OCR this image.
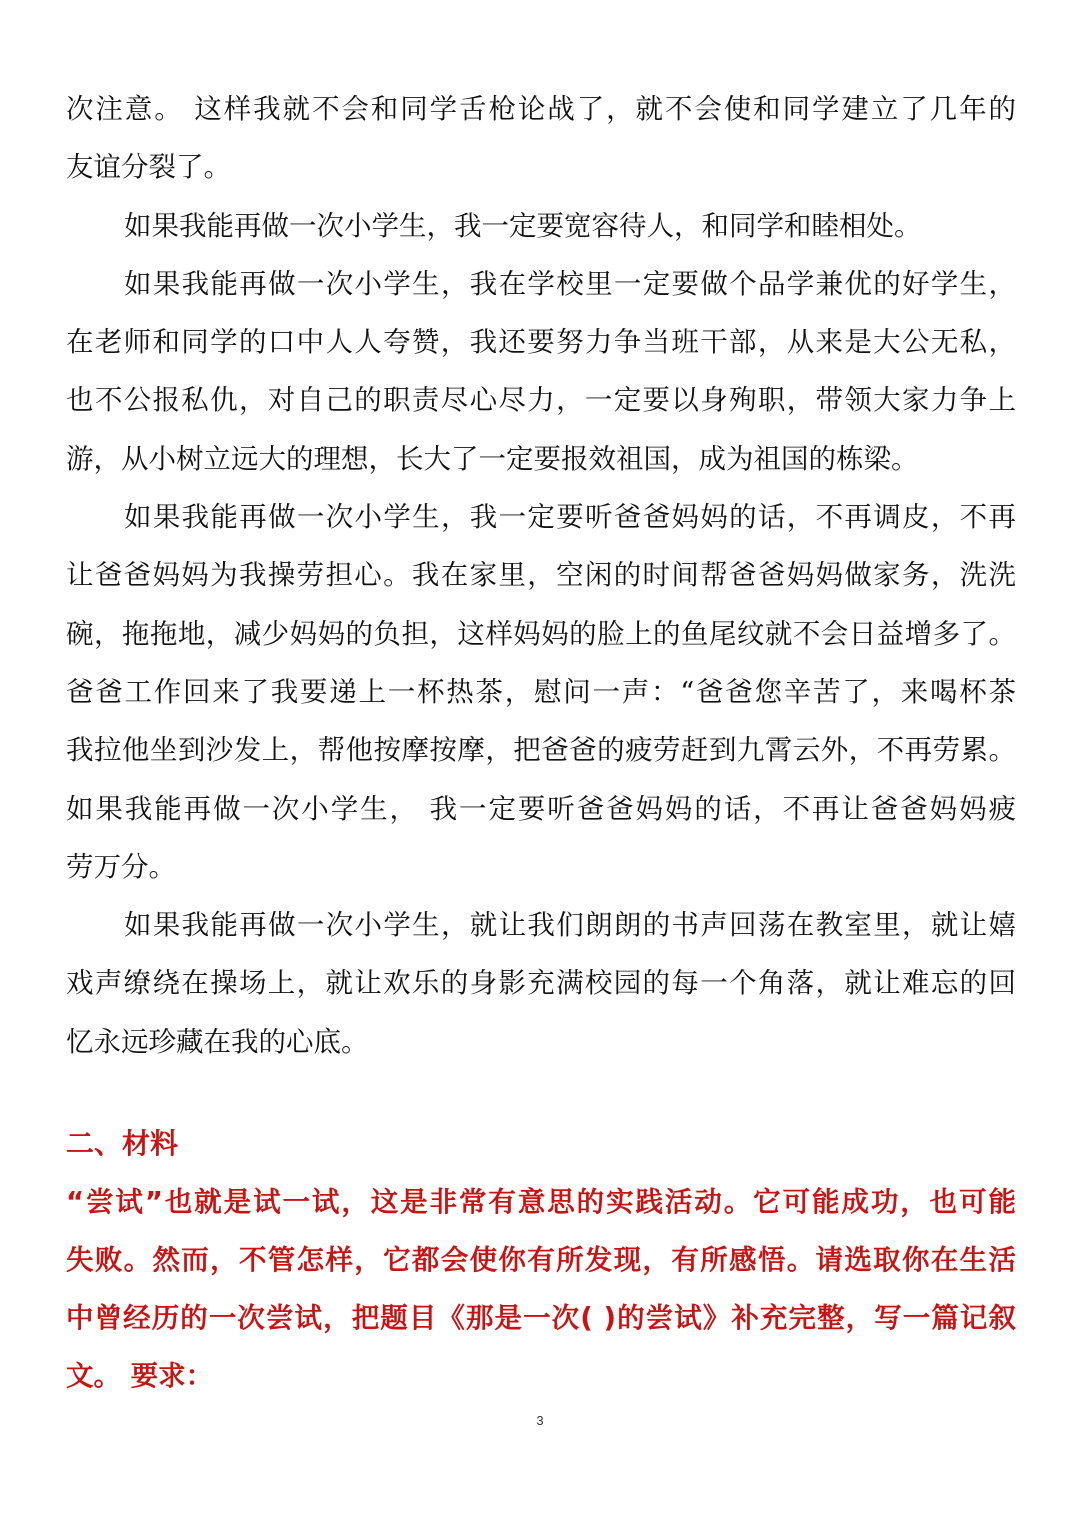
次注意。 这样我就不会和同学舌枪论战了，就不会使和同学建立了几年的
友谊分裂了。
如果我能再做一次小学生，我一定要宽容待人，和同学和睦相处。
如果我能再做一次小学生，我在学校里一定要做个品学兼优的好学生，
在老师和同学的口中人人夸赞，我还要努力争当班干部，从来是大公无私，
也不公报私仇，对自己的职责尽心尽力，一定要以身殉职，带领大家力争上
游，从小树立远大的理想，长大了一定要报效祖国，成为祖国的栋梁。
如果我能再做一次小学生，我一定要听爸爸妈妈的话，不再调皮，不再
让爸爸妈妈为我操劳担心。我在家里，空闲的时间帮爸爸妈妈做家务，洗洗
碗，拖拖地，减少妈妈的负担，这样妈妈的脸上的鱼尾纹就不会日益增多了。
爸爸工作回来了我要递上一杯热茶，慰问一声：“爸爸您辛苦了，来喝杯茶
我拉他坐到沙发上，帮他按摩按摩，把爸爸的疲劳赶到九霄云外，不再劳累。
如果我能再做一次小学生， 我一定要听爸爸妈妈的话，不再让爸爸妈妈疲
劳万分。
如果我能再做一次小学生，就让我们朗朗的书声回荡在教室里，就让嬉
戏声缭绕在操场上，就让欢乐的身影充满校园的每一个角落，就让难忘的回
忆永远珍藏在我的心底。
二、材料
“尝试”也就是试一试，这是非常有意思的实践活动。它可能成功，也可能
失败。然而，不管怎样，它都会使你有所发现，有所感悟。请选取你在生活
中曾经历的一次尝试，把题目《那是一次( )的尝试》补充完整，写一篇记叙
文。 要求：
3
